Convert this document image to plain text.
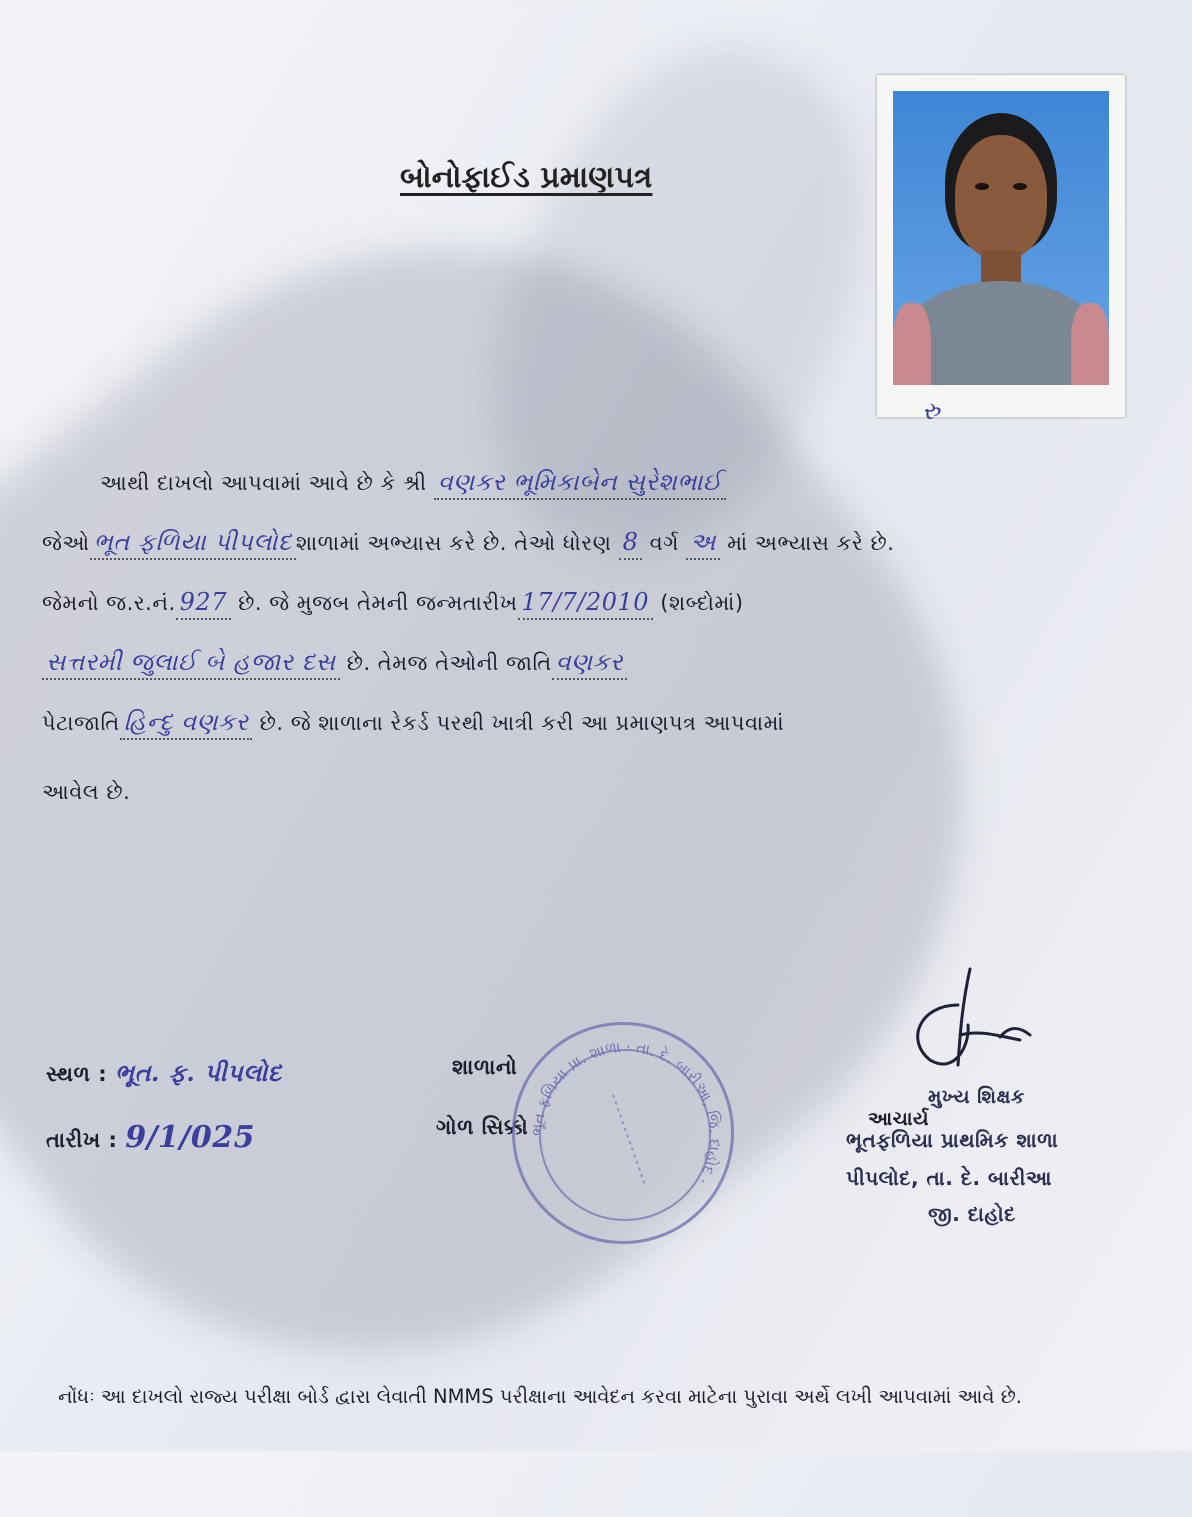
બોનોફાઈડ પ્રમાણપત્ર
રુ
આથી દાખલો આપવામાં આવે છે કે શ્રી વણકર ભૂમિકાબેન સુરેશભાઈ
જેઓ ભૂત ફળિયા પીપલોદ શાળામાં અભ્યાસ કરે છે. તેઓ ધોરણ 8 વર્ગ અ માં અભ્યાસ કરે છે.
જેમનો જ.ર.નં. 927 છે. જે મુજબ તેમની જન્મતારીખ 17/7/2010 (શબ્દોમાં)
સત્તરમી જુલાઈ બે હજાર દસ છે. તેમજ તેઓની જાતિ વણકર
પેટાજાતિ હિન્દુ વણકર છે. જે શાળાના રેકર્ડ પરથી ખાત્રી કરી આ પ્રમાણપત્ર આપવામાં
આવેલ છે.
સ્થળ : ભૂત. ફ. પીપલોદ
તારીખ : 9/1/025
શાળાનો
ગોળ સિક્કો ભૂત ફળિયા પ્રા. શાળા · તા. દે. બારીઆ, જિ. દાહોદ ·
મુખ્ય શિક્ષક
આચાર્ય
ભૂતફળિયા પ્રાથમિક શાળા
પીપલોદ, તા. દે. બારીઆ
જી. દાહોદ
નોંધઃ આ દાખલો રાજ્ય પરીક્ષા બોર્ડ દ્વારા લેવાતી NMMS પરીક્ષાના આવેદન કરવા માટેના પુરાવા અર્થે લખી આપવામાં આવે છે.
